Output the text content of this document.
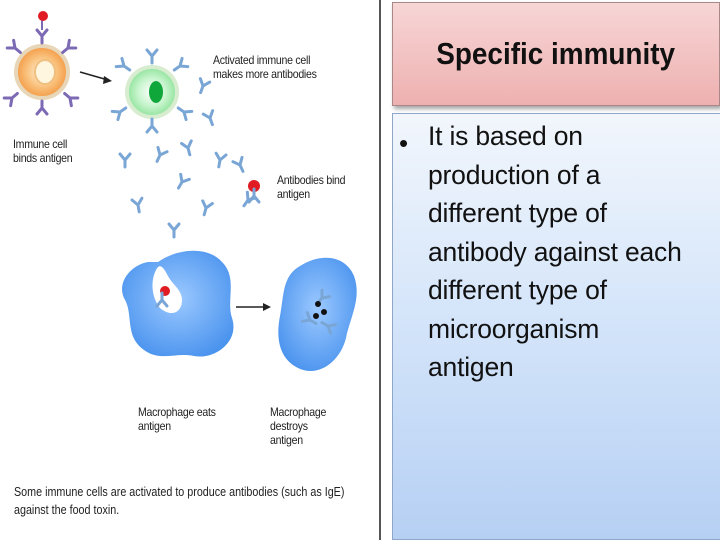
Activated immune cell
makes more antibodies
Immune cell
binds antigen
Antibodies bind
antigen
Macrophage eats
antigen
Macrophage destroys
antigen
Some immune cells are activated to produce antibodies (such as IgE) against the food toxin.
Specific immunity
• It is based on
production of a
different type of
antibody against each
different type of
microorganism
antigen
